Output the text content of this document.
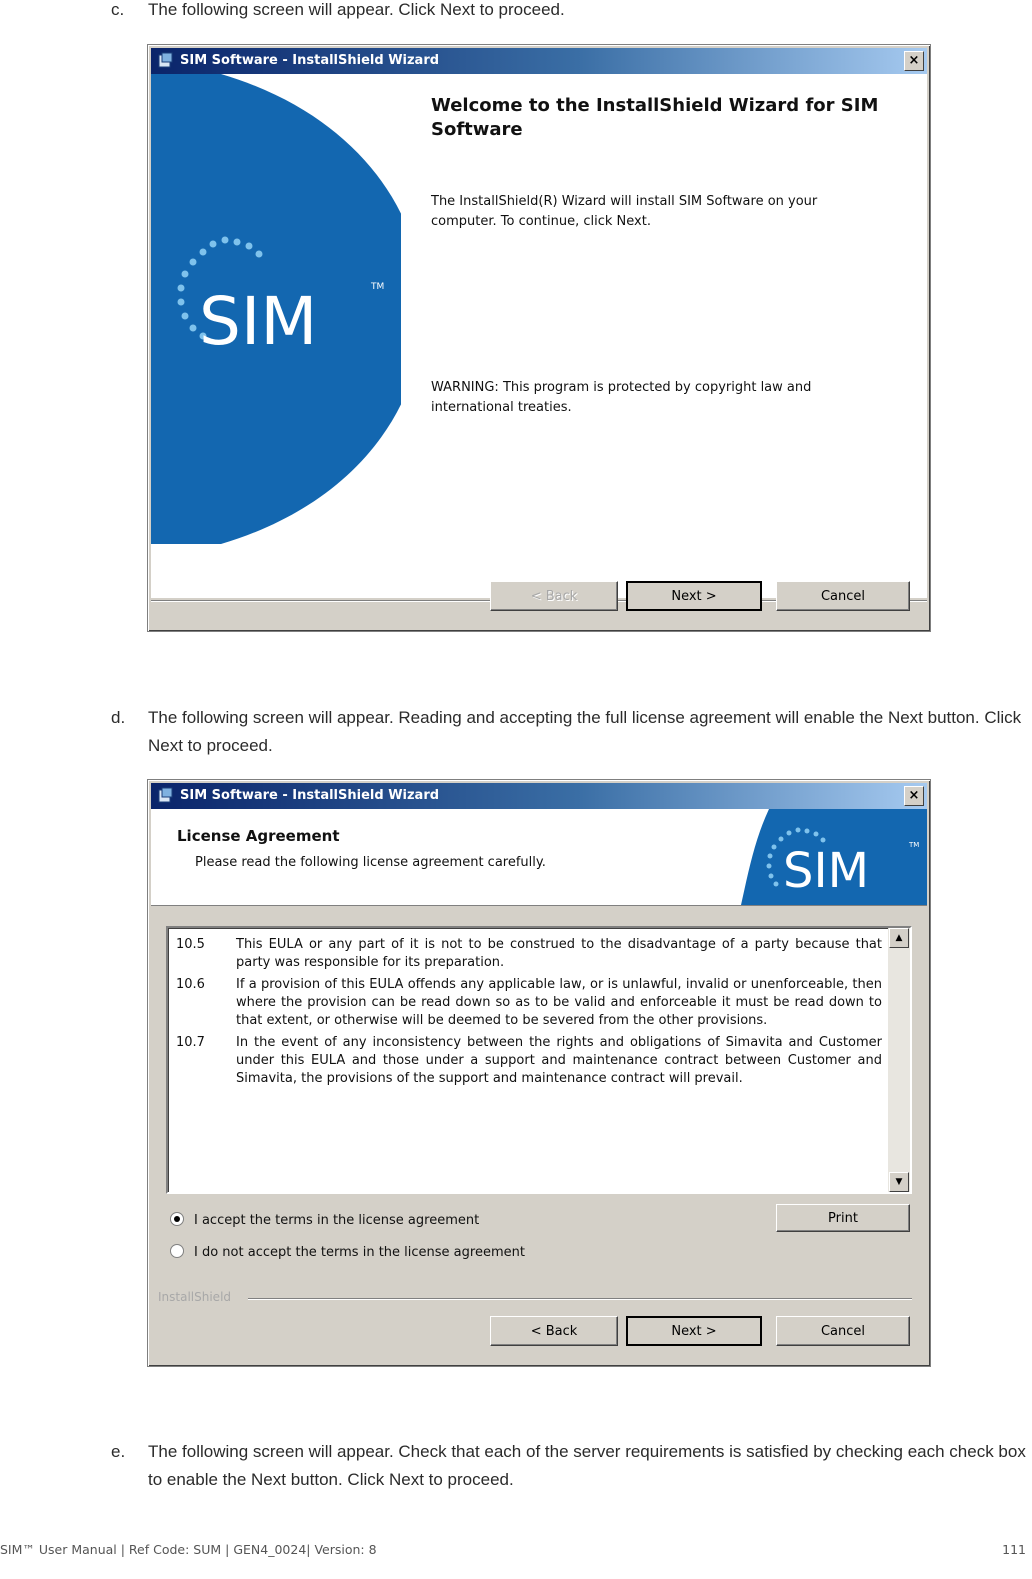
c. The following screen will appear. Click Next to proceed.
SIM Software - InstallShield Wizard	×
SIM	TM
Welcome to the InstallShield Wizard for SIM Software
The InstallShield(R) Wizard will install SIM Software on your computer. To continue, click Next.
WARNING: This program is protected by copyright law and international treaties.
< Back	Next >	Cancel
d. The following screen will appear. Reading and accepting the full license agreement will enable the Next button. Click Next to proceed.
SIM Software - InstallShield Wizard	×
License Agreement
Please read the following license agreement carefully.	SIM	TM
10.5	This EULA or any part of it is not to be construed to the disadvantage of a party because that party was responsible for its preparation.
10.6	If a provision of this EULA offends any applicable law, or is unlawful, invalid or unenforceable, then where the provision can be read down so as to be valid and enforceable it must be read down to that extent, or otherwise will be deemed to be severed from the other provisions.
10.7	In the event of any inconsistency between the rights and obligations of Simavita and Customer under this EULA and those under a support and maintenance contract between Customer and Simavita, the provisions of the support and maintenance contract will prevail.
▲
▼
I accept the terms in the license agreement
I do not accept the terms in the license agreement
Print
InstallShield
< Back	Next >	Cancel
e. The following screen will appear. Check that each of the server requirements is satisfied by checking each check box to enable the Next button. Click Next to proceed.
SIM™ User Manual | Ref Code: SUM | GEN4_0024| Version: 8	111
